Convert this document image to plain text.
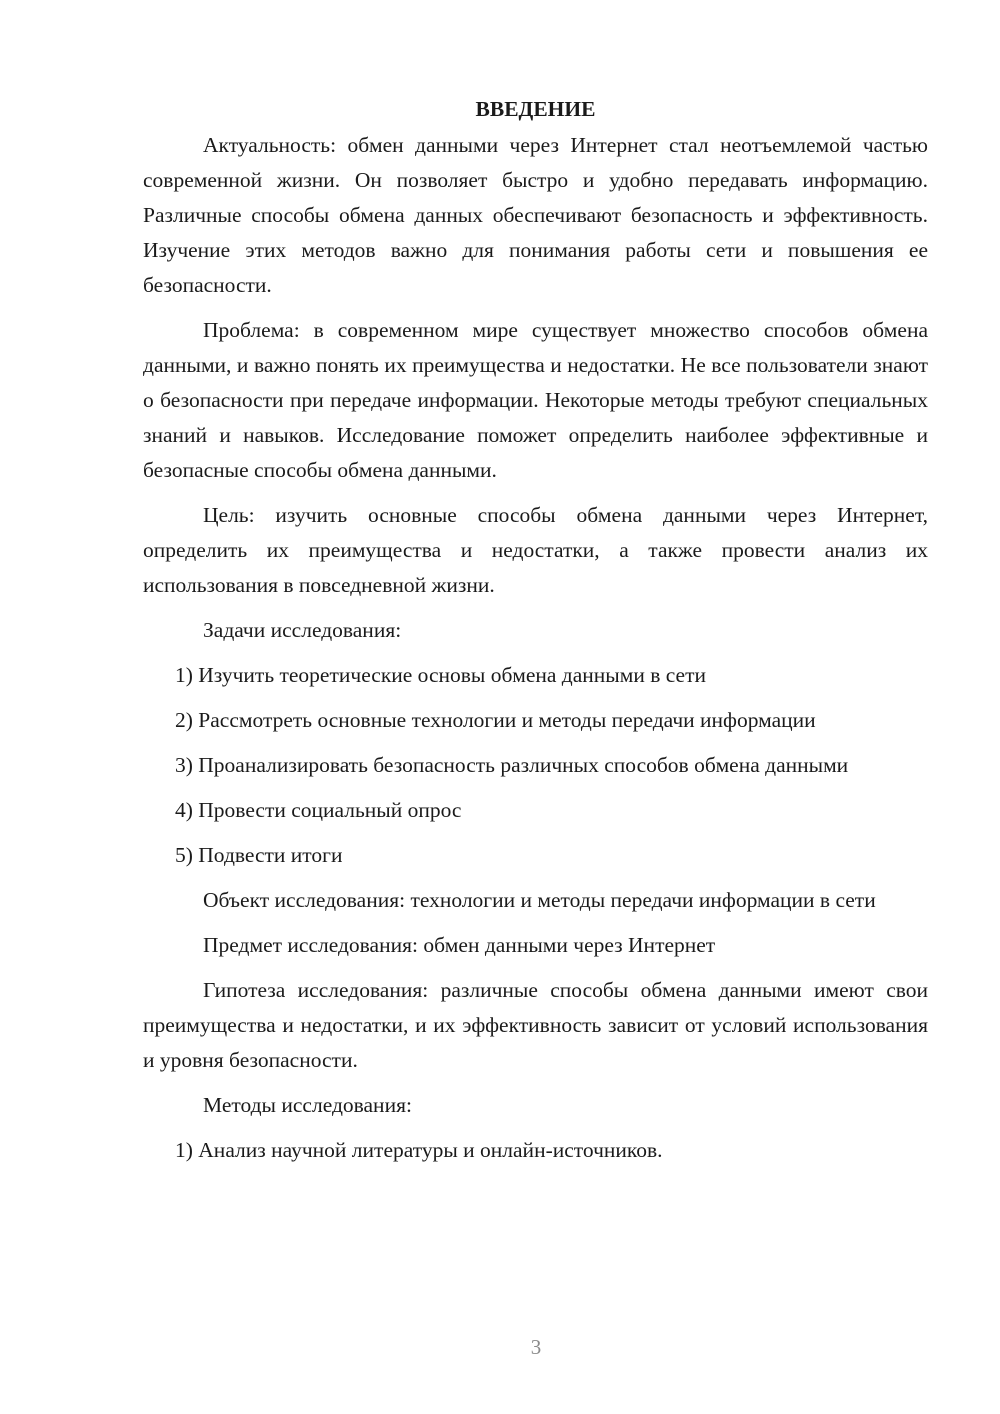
ВВЕДЕНИЕ

Актуальность: обмен данными через Интернет стал неотъемлемой частью современной жизни. Он позволяет быстро и удобно передавать информацию. Различные способы обмена данных обеспечивают безопасность и эффективность. Изучение этих методов важно для понимания работы сети и повышения ее безопасности.

Проблема: в современном мире существует множество способов обмена данными, и важно понять их преимущества и недостатки. Не все пользователи знают о безопасности при передаче информации. Некоторые методы требуют специальных знаний и навыков. Исследование поможет определить наиболее эффективные и безопасные способы обмена данными.

Цель: изучить основные способы обмена данными через Интернет, определить их преимущества и недостатки, а также провести анализ их использования в повседневной жизни.

Задачи исследования:

1) Изучить теоретические основы обмена данными в сети

2) Рассмотреть основные технологии и методы передачи информации

3) Проанализировать безопасность различных способов обмена данными

4) Провести социальный опрос

5) Подвести итоги

Объект исследования: технологии и методы передачи информации в сети

Предмет исследования: обмен данными через Интернет

Гипотеза исследования: различные способы обмена данными имеют свои преимущества и недостатки, и их эффективность зависит от условий использования и уровня безопасности.

Методы исследования:

1) Анализ научной литературы и онлайн-источников.

3
